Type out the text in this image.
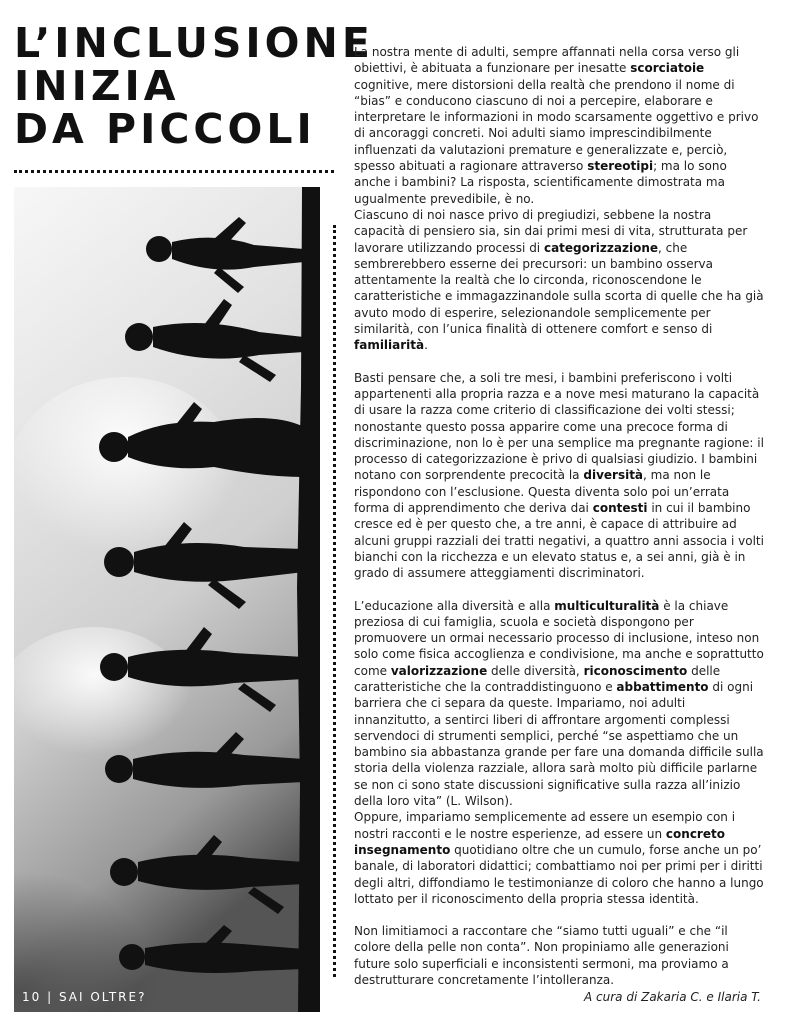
L’INCLUSIONE
INIZIA
DA PICCOLI

La nostra mente di adulti, sempre affannati nella corsa verso gli obiettivi, è abituata a funzionare per inesatte scorciatoie cognitive, mere distorsioni della realtà che prendono il nome di “bias” e conducono ciascuno di noi a percepire, elaborare e interpretare le informazioni in modo scarsamente oggettivo e privo di ancoraggi concreti. Noi adulti siamo imprescindibilmente influenzati da valutazioni premature e generalizzate e, perciò, spesso abituati a ragionare attraverso stereotipi; ma lo sono anche i bambini? La risposta, scientificamente dimostrata ma ugualmente prevedibile, è no.

Ciascuno di noi nasce privo di pregiudizi, sebbene la nostra capacità di pensiero sia, sin dai primi mesi di vita, strutturata per lavorare utilizzando processi di categorizzazione, che sembrerebbero esserne dei precursori: un bambino osserva attentamente la realtà che lo circonda, riconoscendone le caratteristiche e immagazzinandole sulla scorta di quelle che ha già avuto modo di esperire, selezionandole semplicemente per similarità, con l’unica finalità di ottenere comfort e senso di familiarità.

Basti pensare che, a soli tre mesi, i bambini preferiscono i volti appartenenti alla propria razza e a nove mesi maturano la capacità di usare la razza come criterio di classificazione dei volti stessi; nonostante questo possa apparire come una precoce forma di discriminazione, non lo è per una semplice ma pregnante ragione: il processo di categorizzazione è privo di qualsiasi giudizio. I bambini notano con sorprendente precocità la diversità, ma non le rispondono con l’esclusione. Questa diventa solo poi un’errata forma di apprendimento che deriva dai contesti in cui il bambino cresce ed è per questo che, a tre anni, è capace di attribuire ad alcuni gruppi razziali dei tratti negativi, a quattro anni associa i volti bianchi con la ricchezza e un elevato status e, a sei anni, già è in grado di assumere atteggiamenti discriminatori.

L’educazione alla diversità e alla multiculturalità è la chiave preziosa di cui famiglia, scuola e società dispongono per promuovere un ormai necessario processo di inclusione, inteso non solo come fisica accoglienza e condivisione, ma anche e soprattutto come valorizzazione delle diversità, riconoscimento delle caratteristiche che la contraddistinguono e abbattimento di ogni barriera che ci separa da queste. Impariamo, noi adulti innanzitutto, a sentirci liberi di affrontare argomenti complessi servendoci di strumenti semplici, perché “se aspettiamo che un bambino sia abbastanza grande per fare una domanda difficile sulla storia della violenza razziale, allora sarà molto più difficile parlarne se non ci sono state discussioni significative sulla razza all’inizio della loro vita” (L. Wilson).

Oppure, impariamo semplicemente ad essere un esempio con i nostri racconti e le nostre esperienze, ad essere un concreto insegnamento quotidiano oltre che un cumulo, forse anche un po’ banale, di laboratori didattici; combattiamo noi per primi per i diritti degli altri, diffondiamo le testimonianze di coloro che hanno a lungo lottato per il riconoscimento della propria stessa identità.

Non limitiamoci a raccontare che “siamo tutti uguali” e che “il colore della pelle non conta”. Non propiniamo alle generazioni future solo superficiali e inconsistenti sermoni, ma proviamo a destrutturare concretamente l’intolleranza.

10 | SAI OLTRE?	A cura di Zakaria C. e Ilaria T.
